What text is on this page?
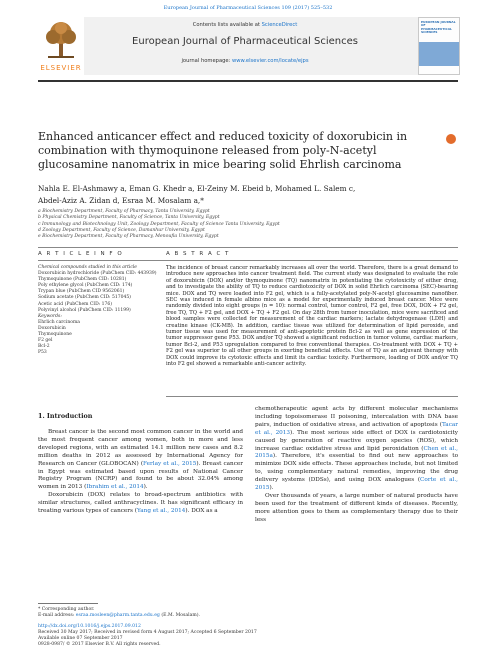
European Journal of Pharmaceutical Sciences 109 (2017) 525–532
ELSEVIER
Contents lists available at ScienceDirect
European Journal of Pharmaceutical Sciences
journal homepage: www.elsevier.com/locate/ejps
EUROPEAN JOURNAL OF PHARMACEUTICAL SCIENCES
Enhanced anticancer effect and reduced toxicity of doxorubicin in combination with thymoquinone released from poly-N-acetyl glucosamine nanomatrix in mice bearing solid Ehrlish carcinoma
Nahla E. El-Ashmawy a, Eman G. Khedr a, El-Zeiny M. Ebeid b, Mohamed L. Salem c,
Abdel-Aziz A. Zidan d, Esraa M. Mosalam a,*
a Biochemistry Department, Faculty of Pharmacy, Tanta University, Egypt
b Physical Chemistry Department, Faculty of Science, Tanta University, Egypt
c Immunology and Biotechnology Unit, Zoology Department, Faculty of Science Tanta University, Egypt
d Zoology Department, Faculty of Science, Damanhur University, Egypt
e Biochemistry Department, Faculty of Pharmacy, Menoufia University, Egypt
A R T I C L E I N F O	A B S T R A C T
Chemical compounds studied in this article
Doxorubicin hydrochloride (PubChem CID: 443939)
Thymoquinone (PubChem CID: 10281)
Poly ethylene glycol (PubChem CID: 174)
Trypan blue (PubChem CID 9562061)
Sodium acetate (PubChem CID: 517045)
Acetic acid (PubChem CID: 176)
Polyvinyl alcohol (PubChem CID: 11199)
Keywords:
Ehrlich carcinoma
Doxorubicin
Thymoquinone
F2 gel
Bcl-2
P53
The incidence of breast cancer remarkably increases all over the world. Therefore, there is a great demand to introduce new approaches into cancer treatment field. The current study was designated to evaluate the role of doxorubicin (DOX) and/or thymoquinone (TQ) nanomatrix in potentiating the cytotoxicity of either drug, and to investigate the ability of TQ to reduce cardiotoxicity of DOX in solid Ehrlich carcinoma (SEC)-bearing mice. DOX and TQ were loaded into F2 gel, which is a fully-acetylated poly-N-acetyl glucosamine nanofiber. SEC was induced in female albino mice as a model for experimentally induced breast cancer. Mice were randomly divided into eight groups (n = 10): normal control, tumor control, F2 gel, free DOX, DOX + F2 gel, free TQ, TQ + F2 gel, and DOX + TQ + F2 gel. On day 28th from tumor inoculation, mice were sacrificed and blood samples were collected for measurement of the cardiac markers; lactate dehydrogenase (LDH) and creatine kinase (CK-MB). In addition, cardiac tissue was utilized for determination of lipid peroxide, and tumor tissue was used for measurement of anti-apoptotic protein Bcl-2 as well as gene expression of the tumor suppressor gene P53. DOX and/or TQ showed a significant reduction in tumor volume, cardiac markers, tumor Bcl-2, and P53 upregulation compared to free conventional therapies. Co-treatment with DOX + TQ + F2 gel was superior to all other groups in exerting beneficial effects. Use of TQ as an adjuvant therapy with DOX could improve its cytotoxic effects and limit its cardiac toxicity. Furthermore, loading of DOX and/or TQ into F2 gel showed a remarkable anti-cancer activity.
1. Introduction

Breast cancer is the second most common cancer in the world and the most frequent cancer among women, both in more and less developed regions, with an estimated 14.1 million new cases and 8.2 million deaths in 2012 as assessed by International Agency for Research on Cancer (GLOBOCAN) (Ferlay et al., 2015). Breast cancer in Egypt was estimated based upon results of National Cancer Registry Program (NCRP) and found to be about 32.04% among women in 2013 (Ibrahim et al., 2014).

Doxorubicin (DOX) relates to broad-spectrum antibiotics with similar structures, called anthracyclines. It has significant efficacy in treating various types of cancers (Yang et al., 2014). DOX as a

chemotherapeutic agent acts by different molecular mechanisms including topoisomerase II poisoning, intercalation with DNA base pairs, induction of oxidative stress, and activation of apoptosis (Tacar et al., 2013). The most serious side effect of DOX is cardiotoxicity caused by generation of reactive oxygen species (ROS), which increase cardiac oxidative stress and lipid peroxidation (Chen et al., 2015a). Therefore, it's essential to find out new approaches to minimize DOX side effects. These approaches include, but not limited to, using complementary natural remedies, improving the drug delivery systems (DDSs), and using DOX analogues (Corte et al., 2015).

Over thousands of years, a large number of natural products have been used for the treatment of different kinds of diseases. Recently, more attention goes to them as complementary therapy due to their less

* Corresponding author.
E-mail address: esraa.mosleen@pharm.tanta.edu.eg (E.M. Mosalam).
http://dx.doi.org/10.1016/j.ejps.2017.09.012
Received 30 May 2017; Received in revised form 4 August 2017; Accepted 6 September 2017
Available online 07 September 2017
0928-0987/ © 2017 Elsevier B.V. All rights reserved.
